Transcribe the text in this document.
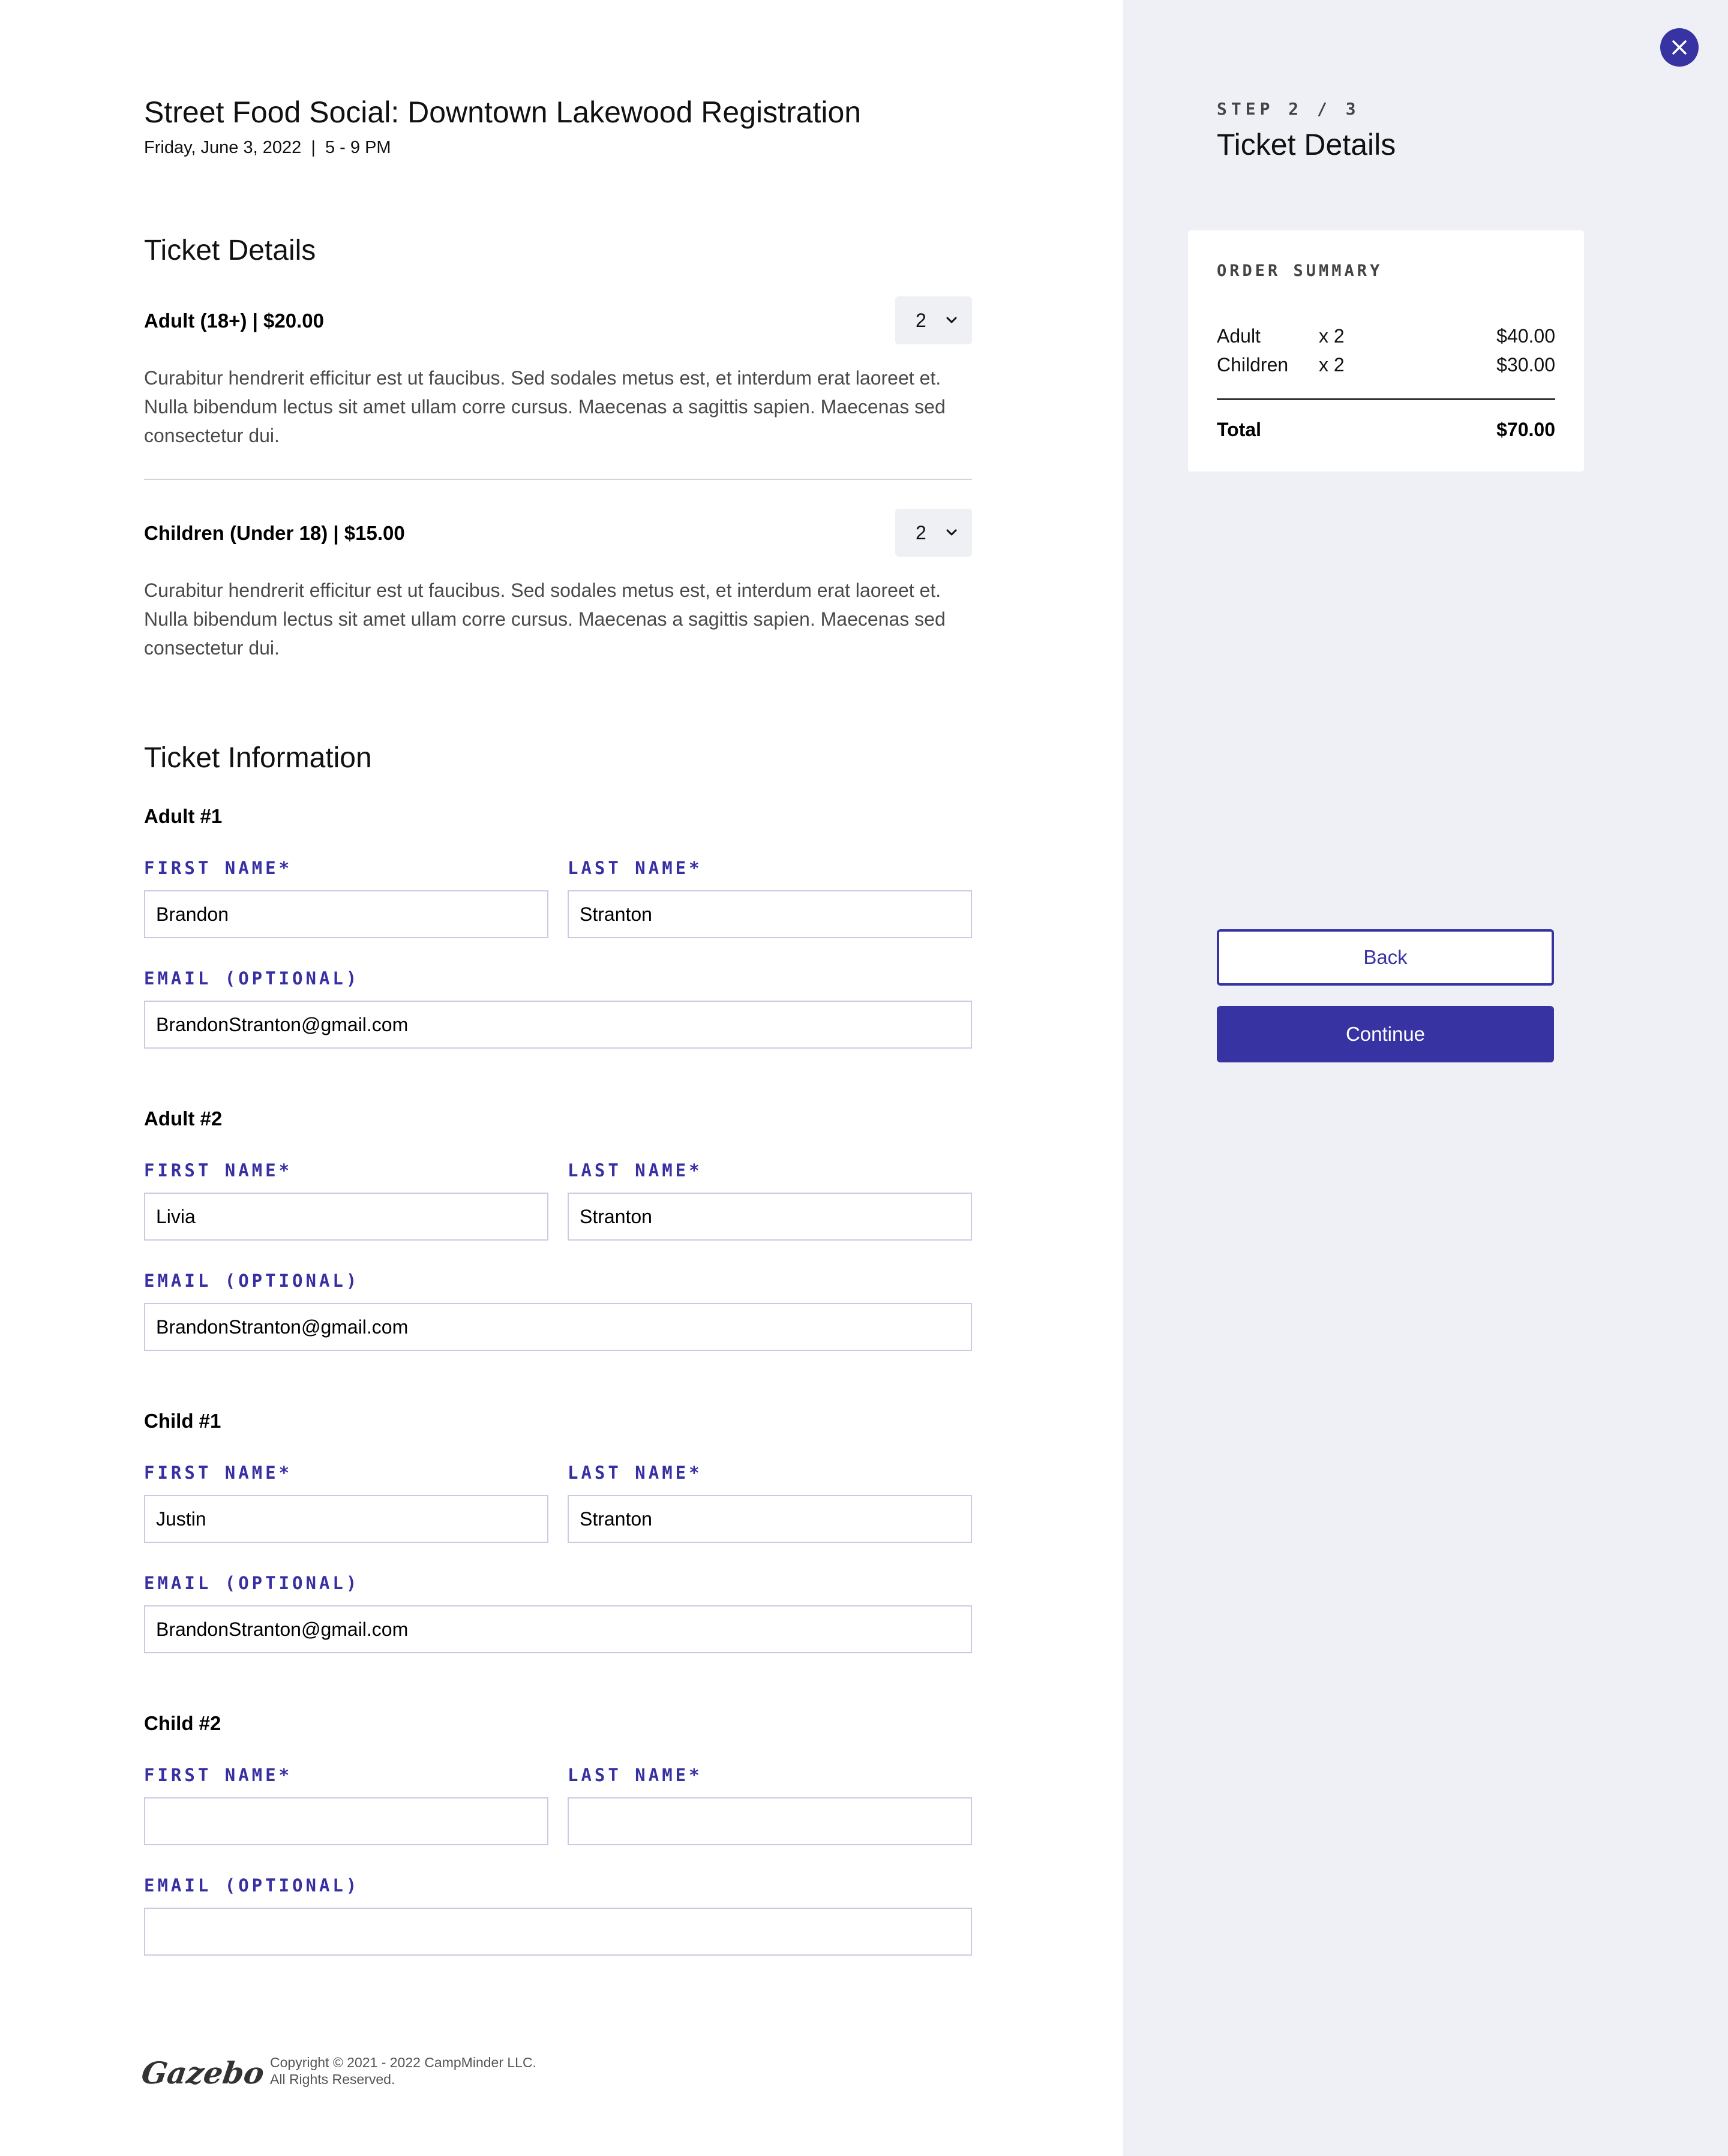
Street Food Social: Downtown Lakewood Registration
Friday, June 3, 2022  |  5 - 9 PM
Ticket Details
Adult (18+) | $20.00	2
Curabitur hendrerit efficitur est ut faucibus. Sed sodales metus est, et interdum erat laoreet et. Nulla bibendum lectus sit amet ullam corre cursus. Maecenas a sagittis sapien. Maecenas sed consectetur dui.
Children (Under 18) | $15.00	2
Curabitur hendrerit efficitur est ut faucibus. Sed sodales metus est, et interdum erat laoreet et. Nulla bibendum lectus sit amet ullam corre cursus. Maecenas a sagittis sapien. Maecenas sed consectetur dui.
Ticket Information
Adult #1
FIRST NAME*	LAST NAME*
Brandon
Stranton
EMAIL (OPTIONAL)
BrandonStranton@gmail.com
Adult #2
FIRST NAME*	LAST NAME*
Livia
Stranton
EMAIL (OPTIONAL)
BrandonStranton@gmail.com
Child #1
FIRST NAME*	LAST NAME*
Justin
Stranton
EMAIL (OPTIONAL)
BrandonStranton@gmail.com
Child #2
FIRST NAME*	LAST NAME*
EMAIL (OPTIONAL)
Gazebo Copyright © 2021 - 2022 CampMinder LLC.
All Rights Reserved.
STEP 2 / 3
Ticket Details
ORDER SUMMARY
Adult	x 2	$40.00
Children x 2	$30.00
Total	$70.00
Back
Continue
